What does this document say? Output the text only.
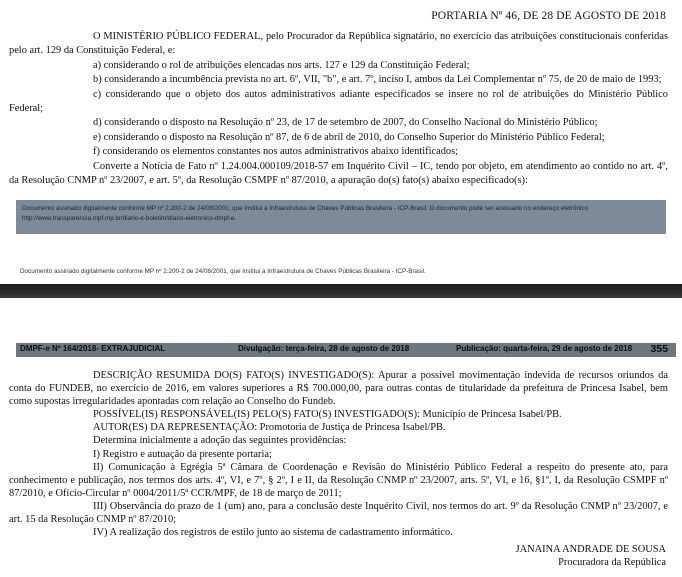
PORTARIA Nº 46, DE 28 DE AGOSTO DE 2018

O MINISTÉRIO PÚBLICO FEDERAL, pelo Procurador da República signatário, no exercício das atribuições constitucionais conferidas pelo art. 129 da Constituição Federal, e:

a) considerando o rol de atribuições elencadas nos arts. 127 e 129 da Constituição Federal;

b) considerando a incumbência prevista no art. 6º, VII, "b", e art. 7º, inciso I, ambos da Lei Complementar nº 75, de 20 de maio de 1993;

c) considerando que o objeto dos autos administrativos adiante especificados se insere no rol de atribuições do Ministério Público Federal;

d) considerando o disposto na Resolução nº 23, de 17 de setembro de 2007, do Conselho Nacional do Ministério Público;

e) considerando o disposto na Resolução nº 87, de 6 de abril de 2010, do Conselho Superior do Ministério Público Federal;

f) considerando os elementos constantes nos autos administrativos abaixo identificados;

Converte a Notícia de Fato nº 1.24.004.000109/2018-57 em Inquérito Civil – IC, tendo por objeto, em atendimento ao contido no art. 4º, da Resolução CNMP nº 23/2007, e art. 5º, da Resolução CSMPF nº 87/2010, a apuração do(s) fato(s) abaixo especificado(s):

Documento assinado digitalmente conforme MP nº 2.200-2 de 24/08/2001, que institui a Infraestrutura de Chaves Públicas Brasileira - ICP-Brasil. O documento pode ser acessado no endereço eletrônico http://www.transparencia.mpf.mp.br/diario-e-boletim/diario-eletronico-dmpf-e.
Documento assinado digitalmente conforme MP nº 2.200-2 de 24/08/2001, que institui a Infraestrutura de Chaves Públicas Brasileira - ICP-Brasil.
DMPF-e Nº 164/2018- EXTRAJUDICIAL	Divulgação: terça-feira, 28 de agosto de 2018	Publicação: quarta-feira, 29 de agosto de 2018 355

DESCRIÇÃO RESUMIDA DO(S) FATO(S) INVESTIGADO(S): Apurar a possível movimentação indevida de recursos oriundos da conta do FUNDEB, no exercício de 2016, em valores superiores a R$ 700.000,00, para outras contas de titularidade da prefeitura de Princesa Isabel, bem como supostas irregularidades apontadas com relação ao Conselho do Fundeb.

POSSÍVEL(IS) RESPONSÁVEL(IS) PELO(S) FATO(S) INVESTIGADO(S): Município de Princesa Isabel/PB.

AUTOR(ES) DA REPRESENTAÇÃO: Promotoria de Justiça de Princesa Isabel/PB.

Determina inicialmente a adoção das seguintes providências:

I) Registro e autuação da presente portaria;

II) Comunicação à Egrégia 5ª Câmara de Coordenação e Revisão do Ministério Público Federal a respeito do presente ato, para conhecimento e publicação, nos termos dos arts. 4º, VI, e 7º, § 2º, I e II, da Resolução CNMP nº 23/2007, arts. 5º, VI, e 16, §1º, I, da Resolução CSMPF nº 87/2010, e Ofício-Circular nº 0004/2011/5ª CCR/MPF, de 18 de março de 2011;

III) Observância do prazo de 1 (um) ano, para a conclusão deste Inquérito Civil, nos termos do art. 9º da Resolução CNMP nº 23/2007, e art. 15 da Resolução CNMP nº 87/2010;

IV) A realização dos registros de estilo junto ao sistema de cadastramento informático.

JANAINA ANDRADE DE SOUSA
Procuradora da República
